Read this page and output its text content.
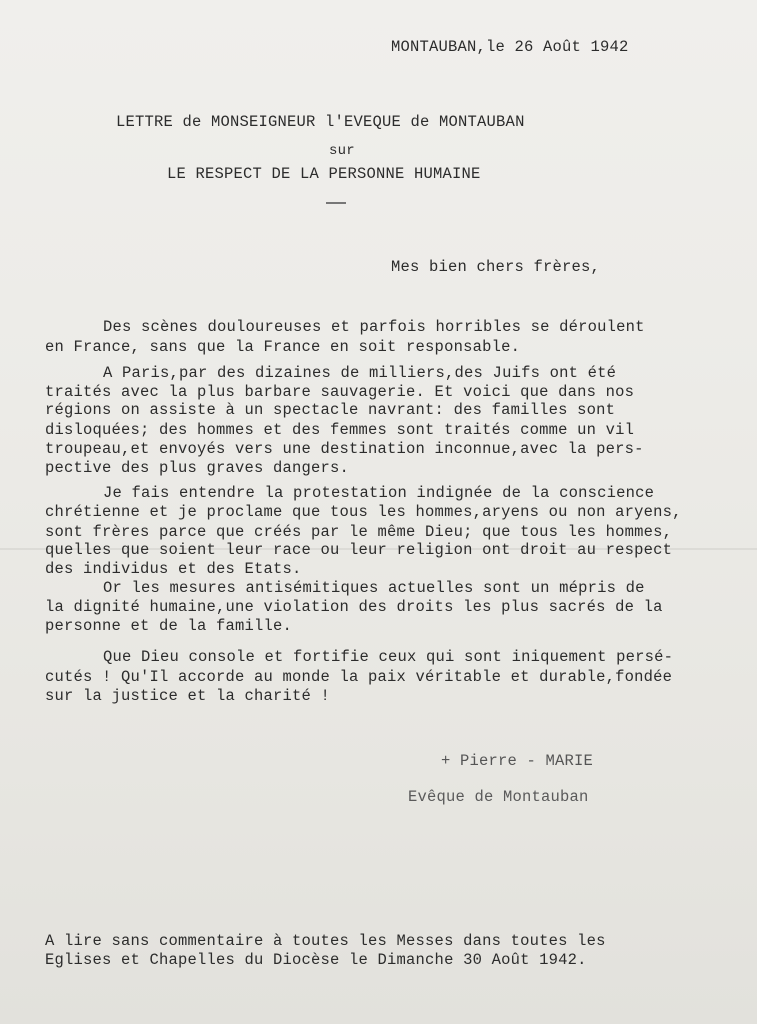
MONTAUBAN,le 26 Août 1942
LETTRE de MONSEIGNEUR l'EVEQUE de MONTAUBAN
sur
LE RESPECT DE LA PERSONNE HUMAINE
Mes bien chers frères,
Des scènes douloureuses et parfois horribles se déroulent
en France, sans que la France en soit responsable.
A Paris,par des dizaines de milliers,des Juifs ont été
traités avec la plus barbare sauvagerie. Et voici que dans nos
régions on assiste à un spectacle navrant: des familles sont
disloquées; des hommes et des femmes sont traités comme un vil
troupeau,et envoyés vers une destination inconnue,avec la pers-
pective des plus graves dangers.
Je fais entendre la protestation indignée de la conscience
chrétienne et je proclame que tous les hommes,aryens ou non aryens,
sont frères parce que créés par le même Dieu; que tous les hommes,
quelles que soient leur race ou leur religion ont droit au respect
des individus et des Etats.
Or les mesures antisémitiques actuelles sont un mépris de
la dignité humaine,une violation des droits les plus sacrés de la
personne et de la famille.
Que Dieu console et fortifie ceux qui sont iniquement persé-
cutés ! Qu'Il accorde au monde la paix véritable et durable,fondée
sur la justice et la charité !
+ Pierre - MARIE
Evêque de Montauban
A lire sans commentaire à toutes les Messes dans toutes les
Eglises et Chapelles du Diocèse le Dimanche 30 Août 1942.
